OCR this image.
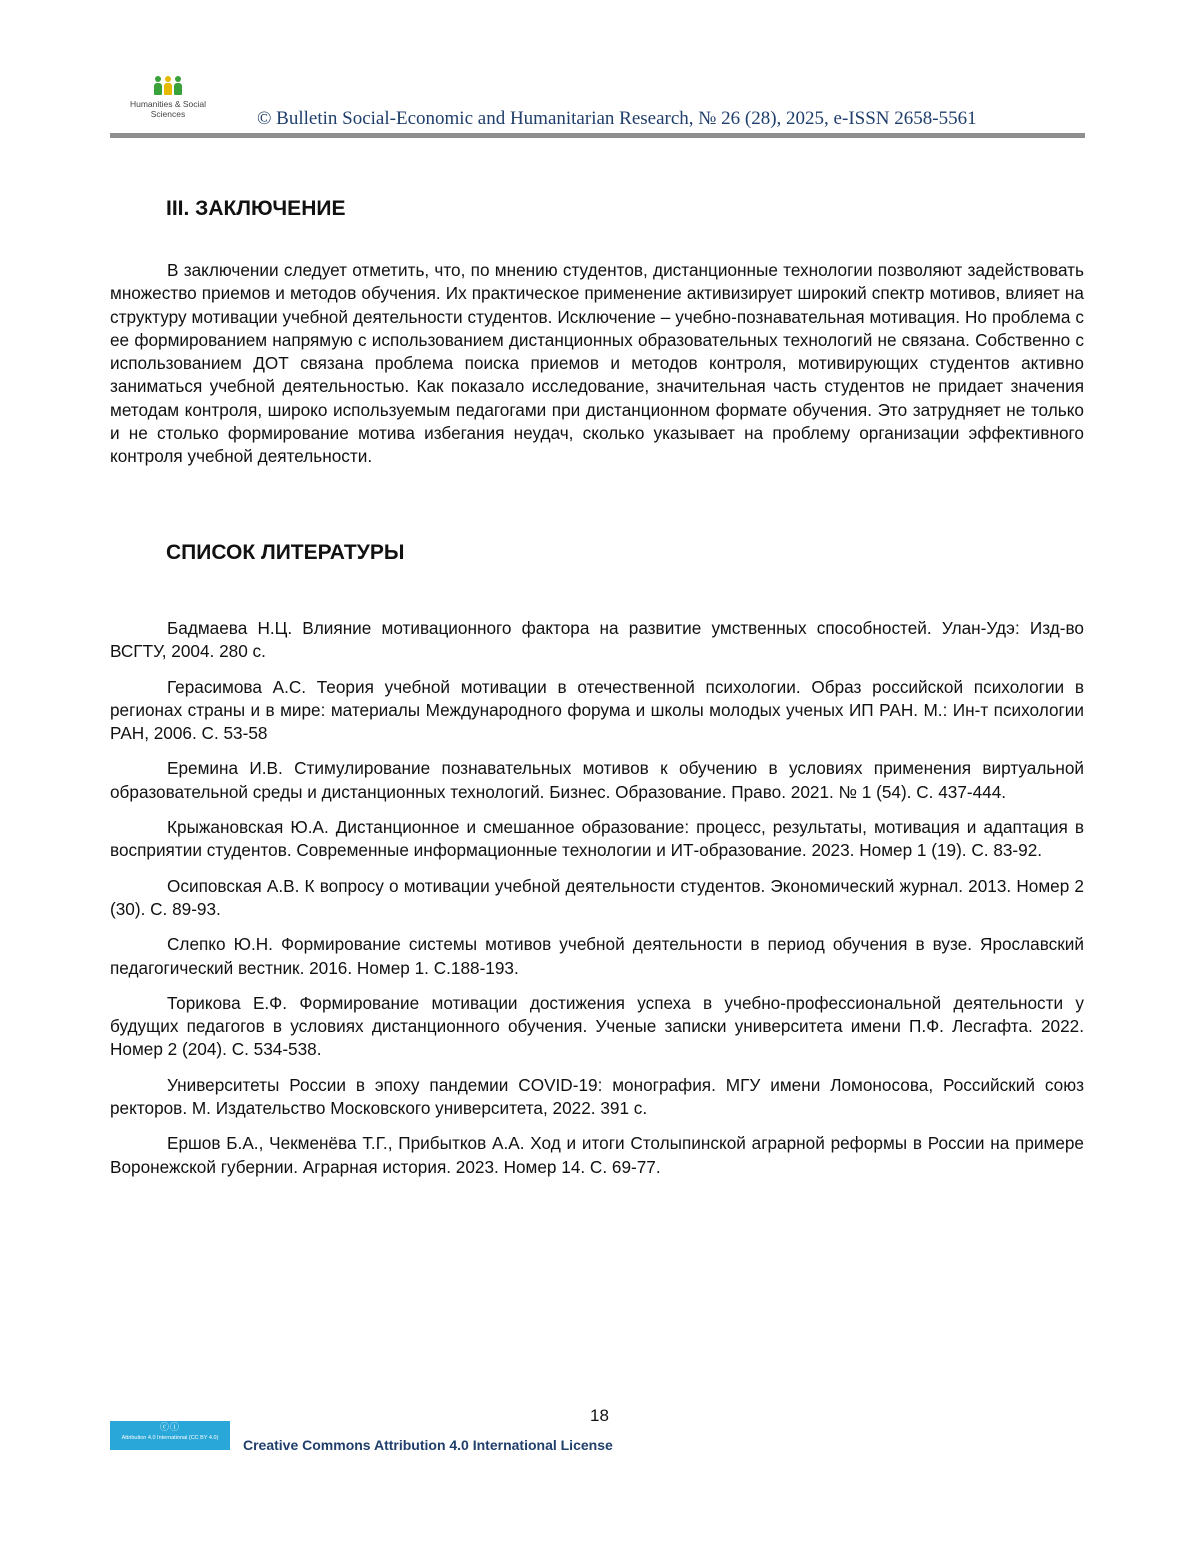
Humanities & Social Sciences	© Bulletin Social-Economic and Humanitarian Research, № 26 (28), 2025, e-ISSN 2658-5561
III. ЗАКЛЮЧЕНИЕ

В заключении следует отметить, что, по мнению студентов, дистанционные технологии позволяют задействовать множество приемов и методов обучения. Их практическое применение активизирует широкий спектр мотивов, влияет на структуру мотивации учебной деятельности студентов. Исключение – учебно-познавательная мотивация. Но проблема с ее формированием напрямую с использованием дистанционных образовательных технологий не связана. Собственно с использованием ДОТ связана проблема поиска приемов и методов контроля, мотивирующих студентов активно заниматься учебной деятельностью. Как показало исследование, значительная часть студентов не придает значения методам контроля, широко используемым педагогами при дистанционном формате обучения. Это затрудняет не только и не столько формирование мотива избегания неудач, сколько указывает на проблему организации эффективного контроля учебной деятельности.

СПИСОК ЛИТЕРАТУРЫ
Бадмаева Н.Ц. Влияние мотивационного фактора на развитие умственных способностей. Улан-Удэ: Изд-во ВСГТУ, 2004. 280 с.
Герасимова А.С. Теория учебной мотивации в отечественной психологии. Образ российской психологии в регионах страны и в мире: материалы Международного форума и школы молодых ученых ИП РАН. М.: Ин-т психологии РАН, 2006. С. 53-58
Еремина И.В. Стимулирование познавательных мотивов к обучению в условиях применения виртуальной образовательной среды и дистанционных технологий. Бизнес. Образование. Право. 2021. № 1 (54). С. 437-444.
Крыжановская Ю.А. Дистанционное и смешанное образование: процесс, результаты, мотивация и адаптация в восприятии студентов. Современные информационные технологии и ИТ-образование. 2023. Номер 1 (19). С. 83-92.
Осиповская А.В. К вопросу о мотивации учебной деятельности студентов. Экономический журнал. 2013. Номер 2 (30). С. 89-93.
Слепко Ю.Н. Формирование системы мотивов учебной деятельности в период обучения в вузе. Ярославский педагогический вестник. 2016. Номер 1. С.188-193.
Торикова Е.Ф. Формирование мотивации достижения успеха в учебно-профессиональной деятельности у будущих педагогов в условиях дистанционного обучения. Ученые записки университета имени П.Ф. Лесгафта. 2022. Номер 2 (204). С. 534-538.
Университеты России в эпоху пандемии COVID-19: монография. МГУ имени Ломоносова, Российский союз ректоров. М. Издательство Московского университета, 2022. 391 с.
Ершов Б.А., Чекменёва Т.Г., Прибытков А.А. Ход и итоги Столыпинской аграрной реформы в России на примере Воронежской губернии. Аграрная история. 2023. Номер 14. С. 69-77.
18
ⓒⓘ
Attribution 4.0 International (CC BY 4.0)	Creative Commons Attribution 4.0 International License
